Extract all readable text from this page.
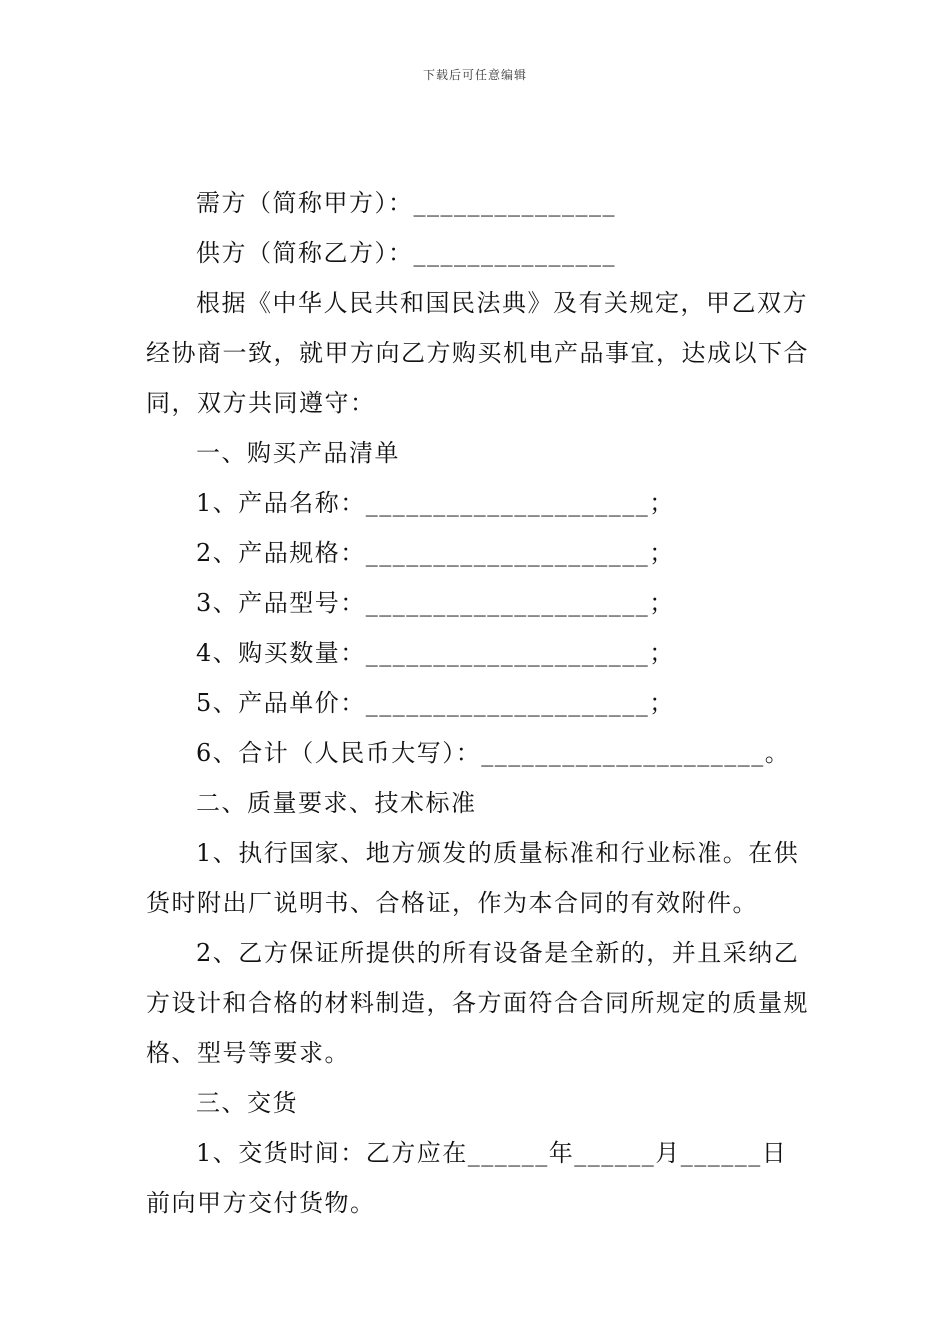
下载后可任意编辑
需方（简称甲方）：_______________
供方（简称乙方）：_______________
根据《中华人民共和国民法典》及有关规定，甲乙双方经协商一致，就甲方向乙方购买机电产品事宜，达成以下合同，双方共同遵守：
一、购买产品清单
1、产品名称：_____________________；
2、产品规格：_____________________；
3、产品型号：_____________________；
4、购买数量：_____________________；
5、产品单价：_____________________；
6、合计（人民币大写）：_____________________。
二、质量要求、技术标准
1、执行国家、地方颁发的质量标准和行业标准。在供货时附出厂说明书、合格证，作为本合同的有效附件。
2、乙方保证所提供的所有设备是全新的，并且采纳乙方设计和合格的材料制造，各方面符合合同所规定的质量规格、型号等要求。
三、交货
1、交货时间：乙方应在______年______月______日前向甲方交付货物。
